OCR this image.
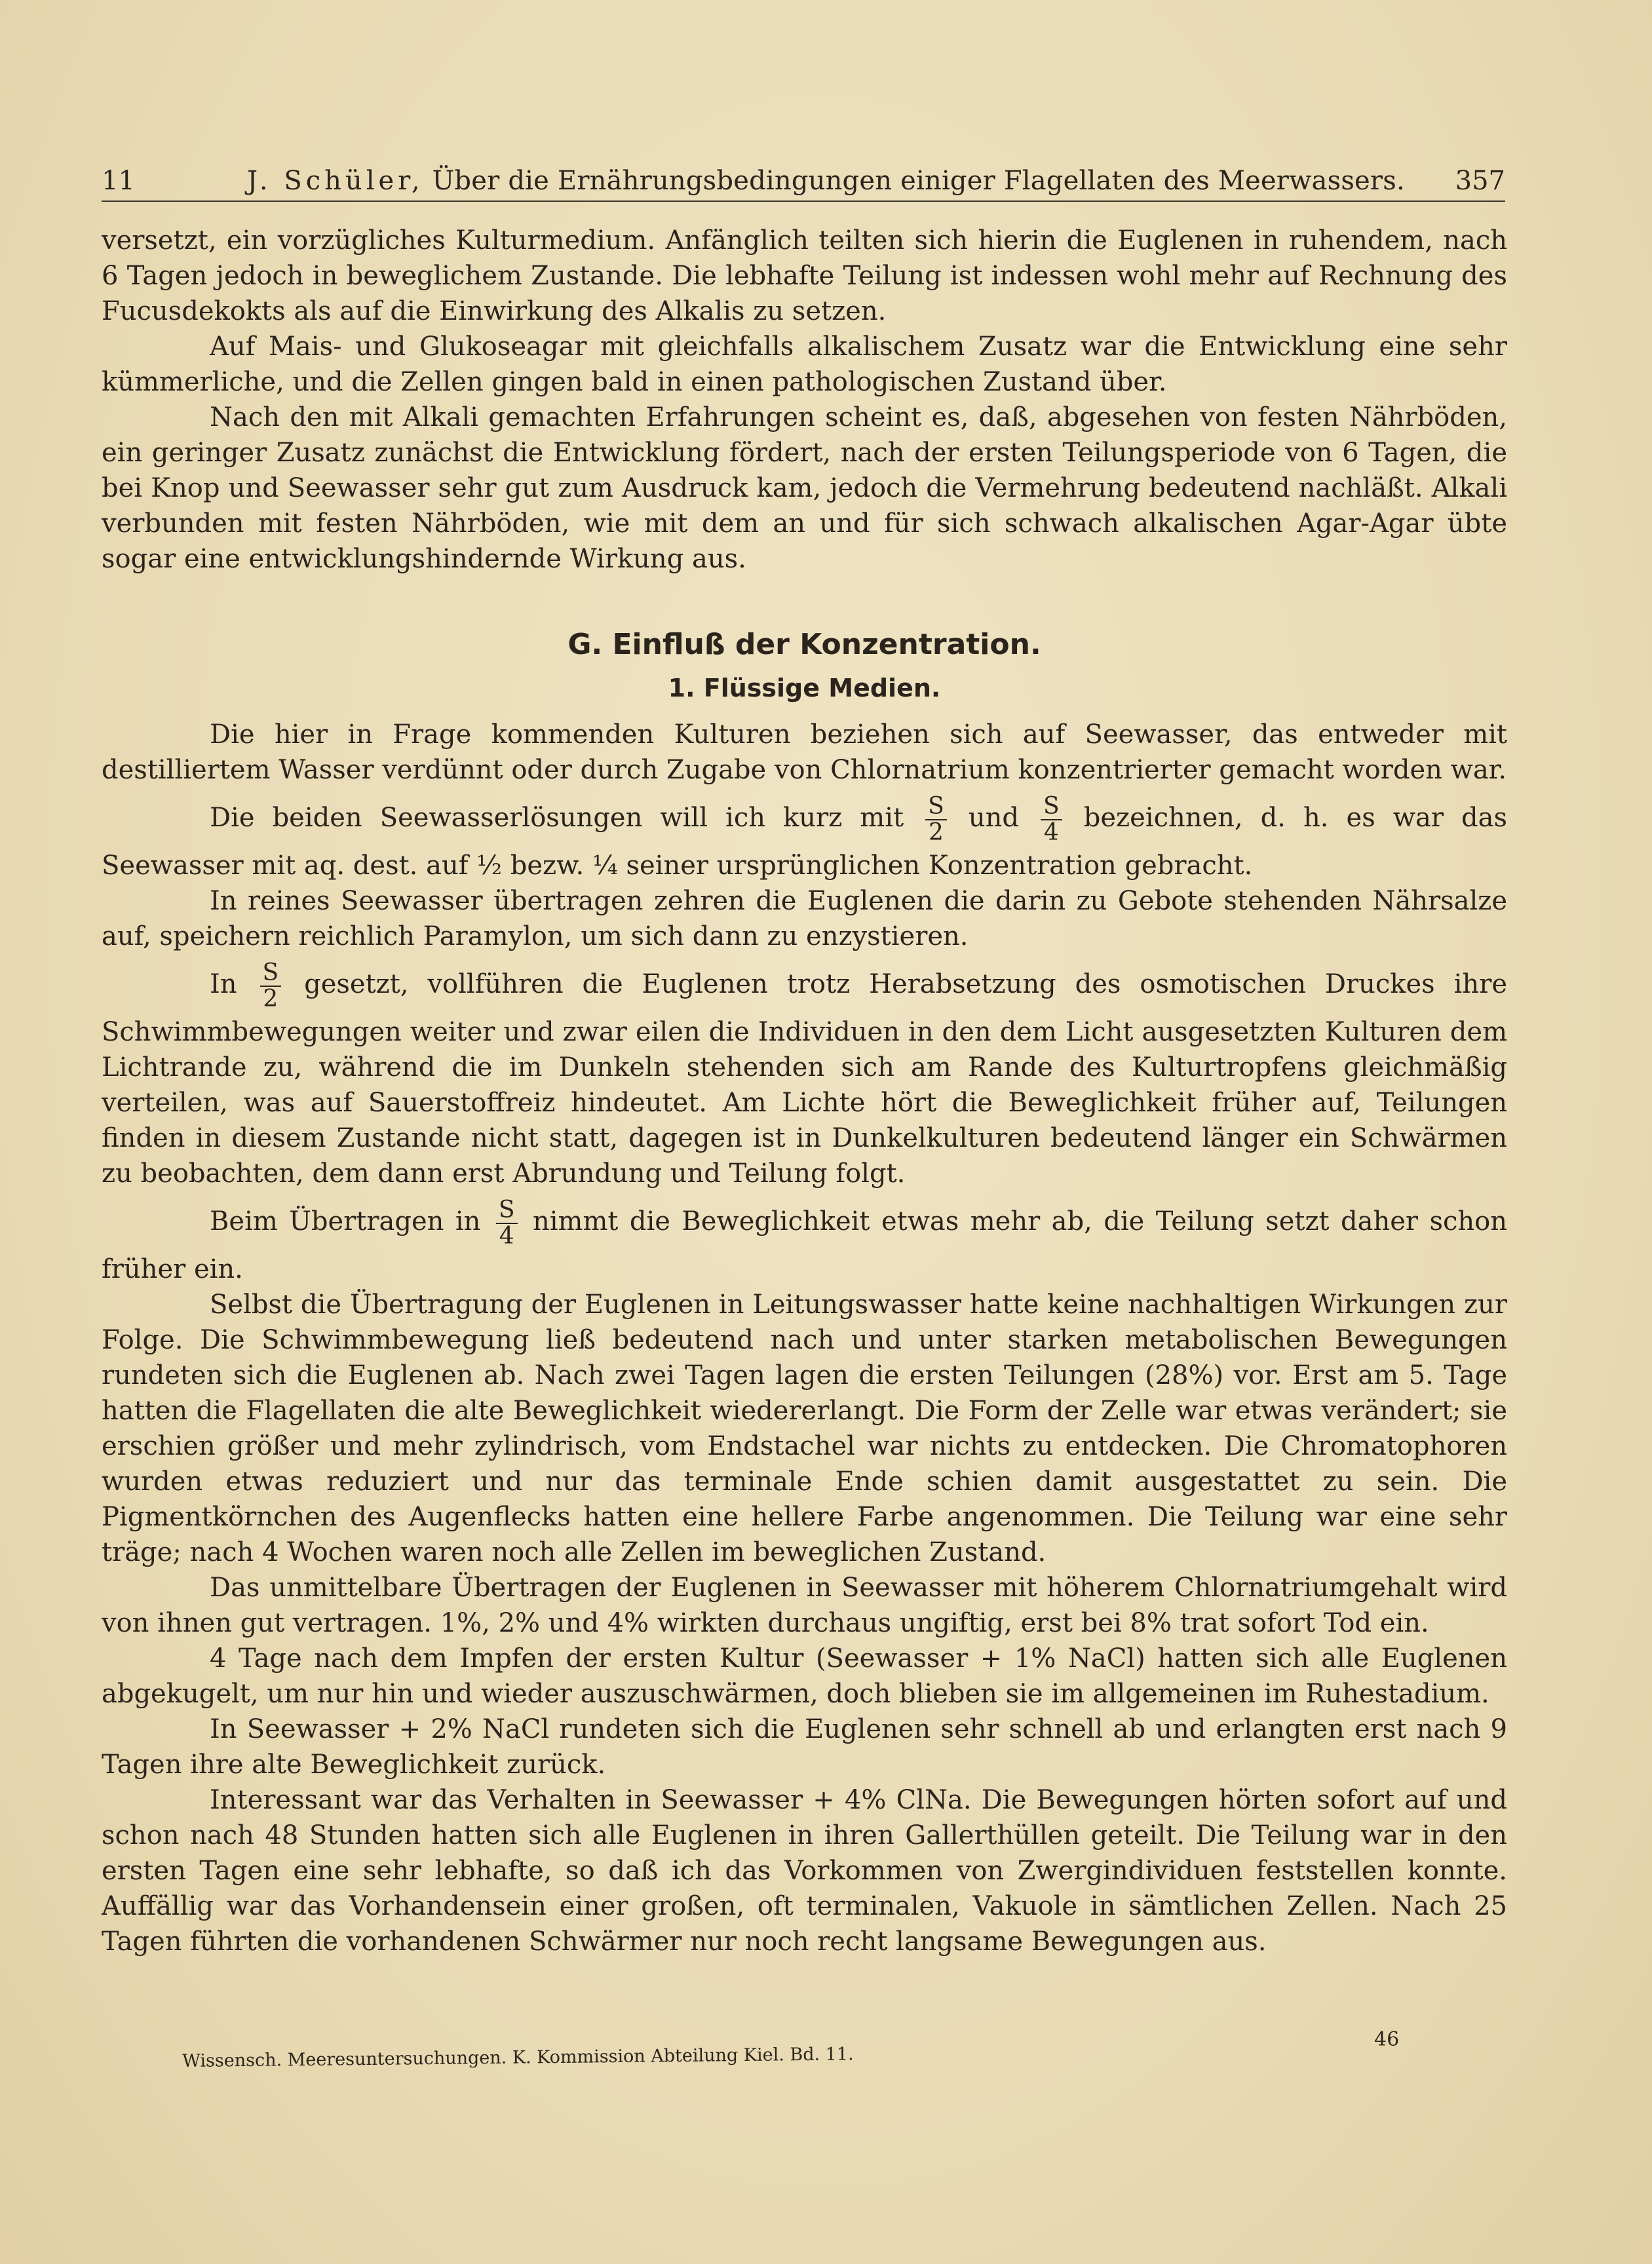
11	J. Schüler, Über die Ernährungsbedingungen einiger Flagellaten des Meerwassers. 357

versetzt, ein vorzügliches Kulturmedium. Anfänglich teilten sich hierin die Euglenen in ruhendem, nach 6 Tagen jedoch in beweglichem Zustande. Die lebhafte Teilung ist indessen wohl mehr auf Rechnung des Fucusdekokts als auf die Einwirkung des Alkalis zu setzen.

Auf Mais- und Glukoseagar mit gleichfalls alkalischem Zusatz war die Entwicklung eine sehr kümmerliche, und die Zellen gingen bald in einen pathologischen Zustand über.

Nach den mit Alkali gemachten Erfahrungen scheint es, daß, abgesehen von festen Nährböden, ein geringer Zusatz zunächst die Entwicklung fördert, nach der ersten Teilungsperiode von 6 Tagen, die bei Knop und Seewasser sehr gut zum Ausdruck kam, jedoch die Vermehrung bedeutend nachläßt. Alkali verbunden mit festen Nährböden, wie mit dem an und für sich schwach alkalischen Agar-Agar übte sogar eine entwicklungshindernde Wirkung aus.

G. Einfluß der Konzentration.
1. Flüssige Medien.

Die hier in Frage kommenden Kulturen beziehen sich auf Seewasser, das entweder mit destilliertem Wasser verdünnt oder durch Zugabe von Chlornatrium konzentrierter gemacht worden war.

Die beiden Seewasserlösungen will ich kurz mit $\frac{S}{2}$ und $\frac{S}{4}$ bezeichnen, d. h. es war das Seewasser mit aq. dest. auf ½ bezw. ¼ seiner ursprünglichen Konzentration gebracht.

In reines Seewasser übertragen zehren die Euglenen die darin zu Gebote stehenden Nährsalze auf, speichern reichlich Paramylon, um sich dann zu enzystieren.

In $\frac{S}{2}$ gesetzt, vollführen die Euglenen trotz Herabsetzung des osmotischen Druckes ihre Schwimmbewegungen weiter und zwar eilen die Individuen in den dem Licht ausgesetzten Kulturen dem Lichtrande zu, während die im Dunkeln stehenden sich am Rande des Kulturtropfens gleichmäßig verteilen, was auf Sauerstoffreiz hindeutet. Am Lichte hört die Beweglichkeit früher auf, Teilungen finden in diesem Zustande nicht statt, dagegen ist in Dunkelkulturen bedeutend länger ein Schwärmen zu beobachten, dem dann erst Abrundung und Teilung folgt.

Beim Übertragen in $\frac{S}{4}$ nimmt die Beweglichkeit etwas mehr ab, die Teilung setzt daher schon früher ein.

Selbst die Übertragung der Euglenen in Leitungswasser hatte keine nachhaltigen Wirkungen zur Folge. Die Schwimmbewegung ließ bedeutend nach und unter starken metabolischen Bewegungen rundeten sich die Euglenen ab. Nach zwei Tagen lagen die ersten Teilungen (28%) vor. Erst am 5. Tage hatten die Flagellaten die alte Beweglichkeit wiedererlangt. Die Form der Zelle war etwas verändert; sie erschien größer und mehr zylindrisch, vom Endstachel war nichts zu entdecken. Die Chromatophoren wurden etwas reduziert und nur das terminale Ende schien damit ausgestattet zu sein. Die Pigmentkörnchen des Augenflecks hatten eine hellere Farbe angenommen. Die Teilung war eine sehr träge; nach 4 Wochen waren noch alle Zellen im beweglichen Zustand.

Das unmittelbare Übertragen der Euglenen in Seewasser mit höherem Chlornatriumgehalt wird von ihnen gut vertragen. 1%, 2% und 4% wirkten durchaus ungiftig, erst bei 8% trat sofort Tod ein.

4 Tage nach dem Impfen der ersten Kultur (Seewasser + 1% NaCl) hatten sich alle Euglenen abgekugelt, um nur hin und wieder auszuschwärmen, doch blieben sie im allgemeinen im Ruhestadium.

In Seewasser + 2% NaCl rundeten sich die Euglenen sehr schnell ab und erlangten erst nach 9 Tagen ihre alte Beweglichkeit zurück.

Interessant war das Verhalten in Seewasser + 4% ClNa. Die Bewegungen hörten sofort auf und schon nach 48 Stunden hatten sich alle Euglenen in ihren Gallerthüllen geteilt. Die Teilung war in den ersten Tagen eine sehr lebhafte, so daß ich das Vorkommen von Zwergindividuen feststellen konnte. Auffällig war das Vorhandensein einer großen, oft terminalen, Vakuole in sämtlichen Zellen. Nach 25 Tagen führten die vorhandenen Schwärmer nur noch recht langsame Bewegungen aus.

46
Wissensch. Meeresuntersuchungen. K. Kommission Abteilung Kiel. Bd. 11.
